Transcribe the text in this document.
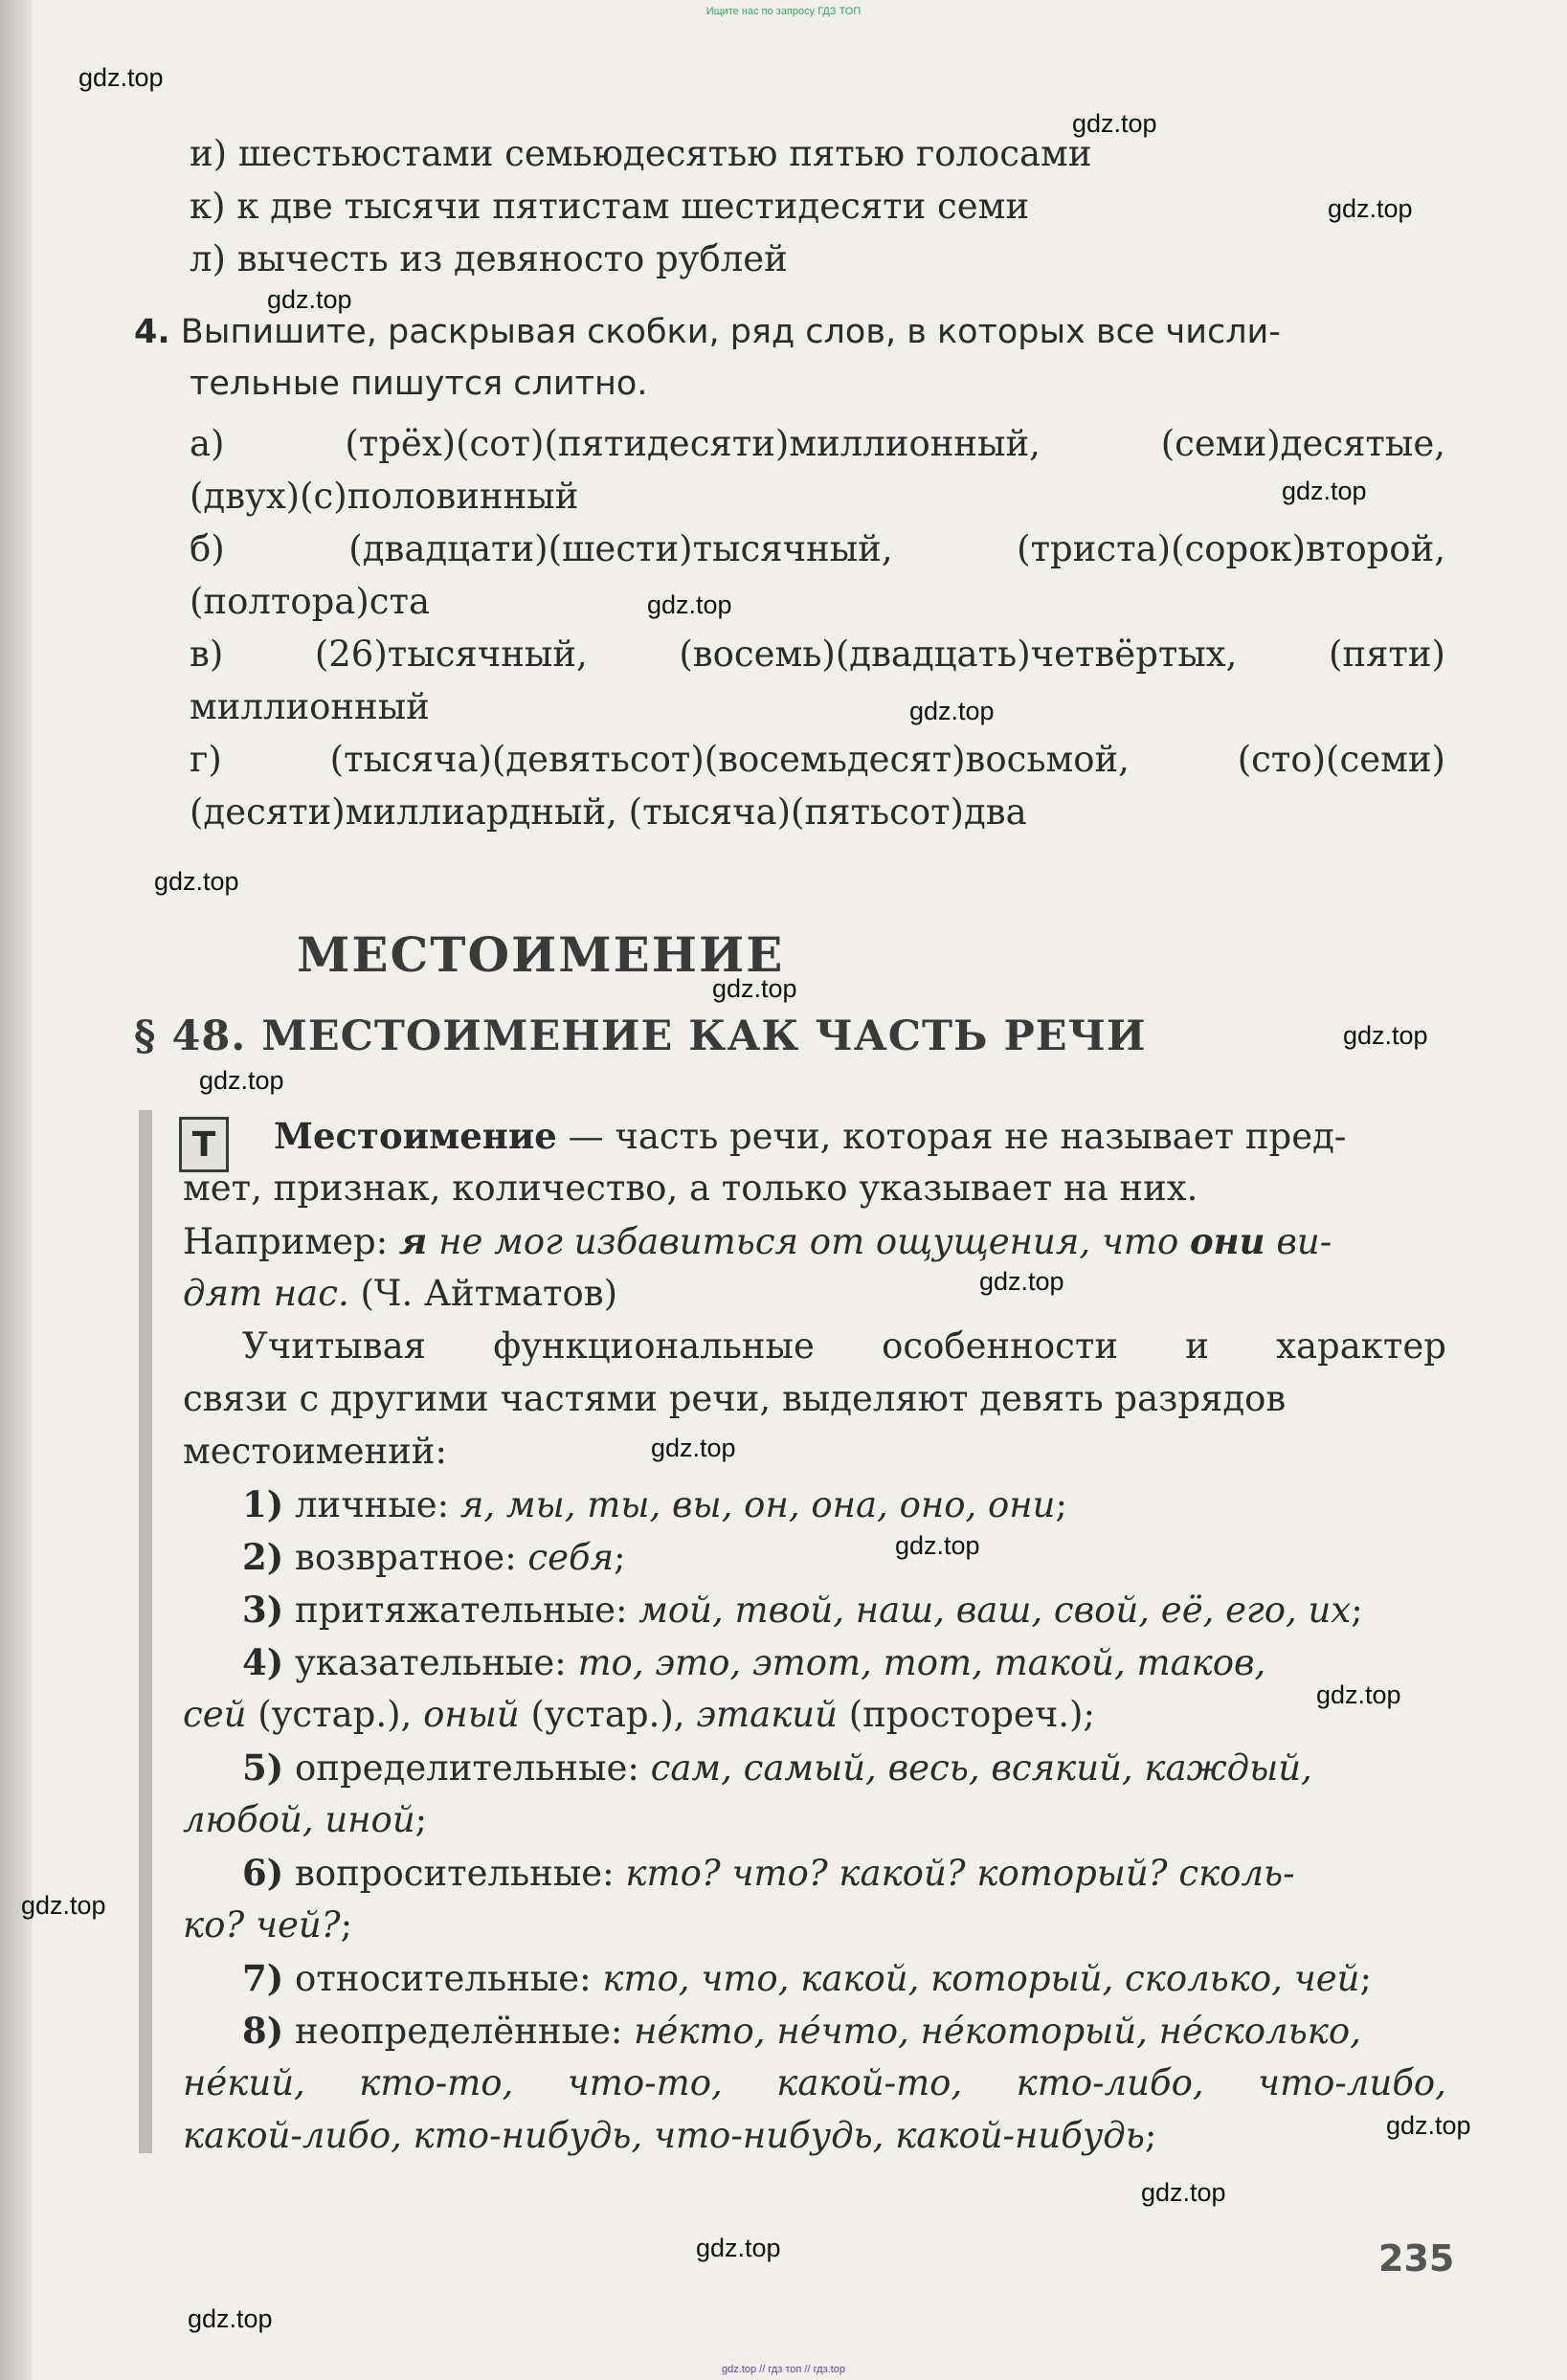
Ищите нас по запросу ГДЗ ТОП
gdz.top
gdz.top
gdz.top
gdz.top
gdz.top
gdz.top
gdz.top
gdz.top
gdz.top
gdz.top
gdz.top
gdz.top
gdz.top
gdz.top
gdz.top
gdz.top
gdz.top
gdz.top
gdz.top
gdz.top
и) шестьюстами семьюдесятью пятью голосами
к) к две тысячи пятистам шестидесяти семи
л) вычесть из девяносто рублей
4. Выпишите, раскрывая скобки, ряд слов, в которых все числи-
тельные пишутся слитно.
а)	(трёх)(сот)(пятидесяти)миллионный,	(семи)десятые,
(двух)(с)половинный
б)	(двадцати)(шести)тысячный,	(триста)(сорок)второй,
(полтора)ста
в)	(26)тысячный,	(восемь)(двадцать)четвёртых,	(пяти)
миллионный
г)	(тысяча)(девятьсот)(восемьдесят)восьмой,	(сто)(семи)
(десяти)миллиардный, (тысяча)(пятьсот)два
МЕСТОИМЕНИЕ
§ 48. МЕСТОИМЕНИЕ КАК ЧАСТЬ РЕЧИ
Т	Местоимение — часть речи, которая не называет пред-
мет, признак, количество, а только указывает на них.
Например: я не мог избавиться от ощущения, что они ви-
дят нас. (Ч. Айтматов)
Учитывая функциональные особенности и характер
связи с другими частями речи, выделяют девять разрядов
местоимений:
1) личные: я, мы, ты, вы, он, она, оно, они;
2) возвратное: себя;
3) притяжательные: мой, твой, наш, ваш, свой, её, его, их;
4) указательные: то, это, этот, тот, такой, таков,
сей (устар.), оный (устар.), этакий (простореч.);
5) определительные: сам, самый, весь, всякий, каждый,
любой, иной;
6) вопросительные: кто? что? какой? который? сколь-
ко? чей?;
7) относительные: кто, что, какой, который, сколько, чей;
8) неопределённые: не́кто, не́что, не́который, не́сколько,
не́кий, кто-то, что-то, какой-то, кто-либо, что-либо,
какой-либо, кто-нибудь, что-нибудь, какой-нибудь;
235
gdz.top // гдз топ // гдз.top
